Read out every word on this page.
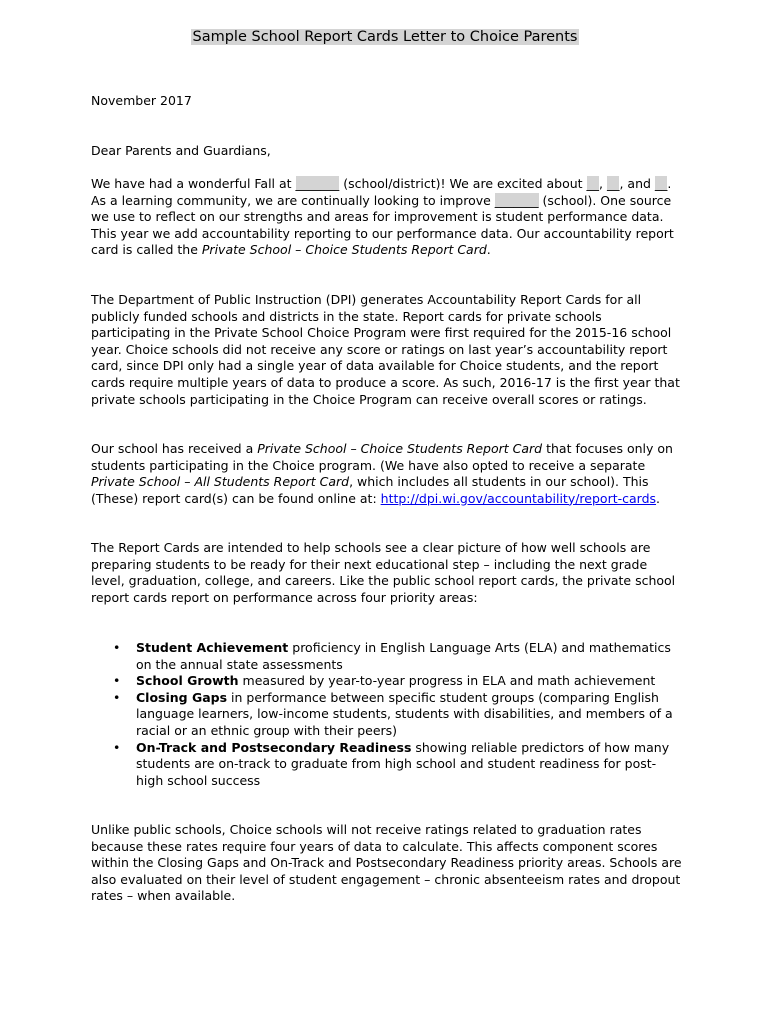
Sample School Report Cards Letter to Choice Parents

November 2017

Dear Parents and Guardians,

We have had a wonderful Fall at _______ (school/district)! We are excited about __, __, and __. As a learning community, we are continually looking to improve _______ (school). One source we use to reflect on our strengths and areas for improvement is student performance data. This year we add accountability reporting to our performance data. Our accountability report card is called the Private School – Choice Students Report Card.

The Department of Public Instruction (DPI) generates Accountability Report Cards for all publicly funded schools and districts in the state. Report cards for private schools participating in the Private School Choice Program were first required for the 2015-16 school year. Choice schools did not receive any score or ratings on last year’s accountability report card, since DPI only had a single year of data available for Choice students, and the report cards require multiple years of data to produce a score. As such, 2016-17 is the first year that private schools participating in the Choice Program can receive overall scores or ratings.

Our school has received a Private School – Choice Students Report Card that focuses only on students participating in the Choice program. (We have also opted to receive a separate Private School – All Students Report Card, which includes all students in our school). This (These) report card(s) can be found online at: http://dpi.wi.gov/accountability/report-cards.

The Report Cards are intended to help schools see a clear picture of how well schools are preparing students to be ready for their next educational step – including the next grade level, graduation, college, and careers. Like the public school report cards, the private school report cards report on performance across four priority areas:

• Student Achievement proficiency in English Language Arts (ELA) and mathematics on the annual state assessments
• School Growth measured by year-to-year progress in ELA and math achievement
• Closing Gaps in performance between specific student groups (comparing English language learners, low-income students, students with disabilities, and members of a racial or an ethnic group with their peers)
• On-Track and Postsecondary Readiness showing reliable predictors of how many students are on-track to graduate from high school and student readiness for post-high school success

Unlike public schools, Choice schools will not receive ratings related to graduation rates because these rates require four years of data to calculate. This affects component scores within the Closing Gaps and On-Track and Postsecondary Readiness priority areas. Schools are also evaluated on their level of student engagement – chronic absenteeism rates and dropout rates – when available.
